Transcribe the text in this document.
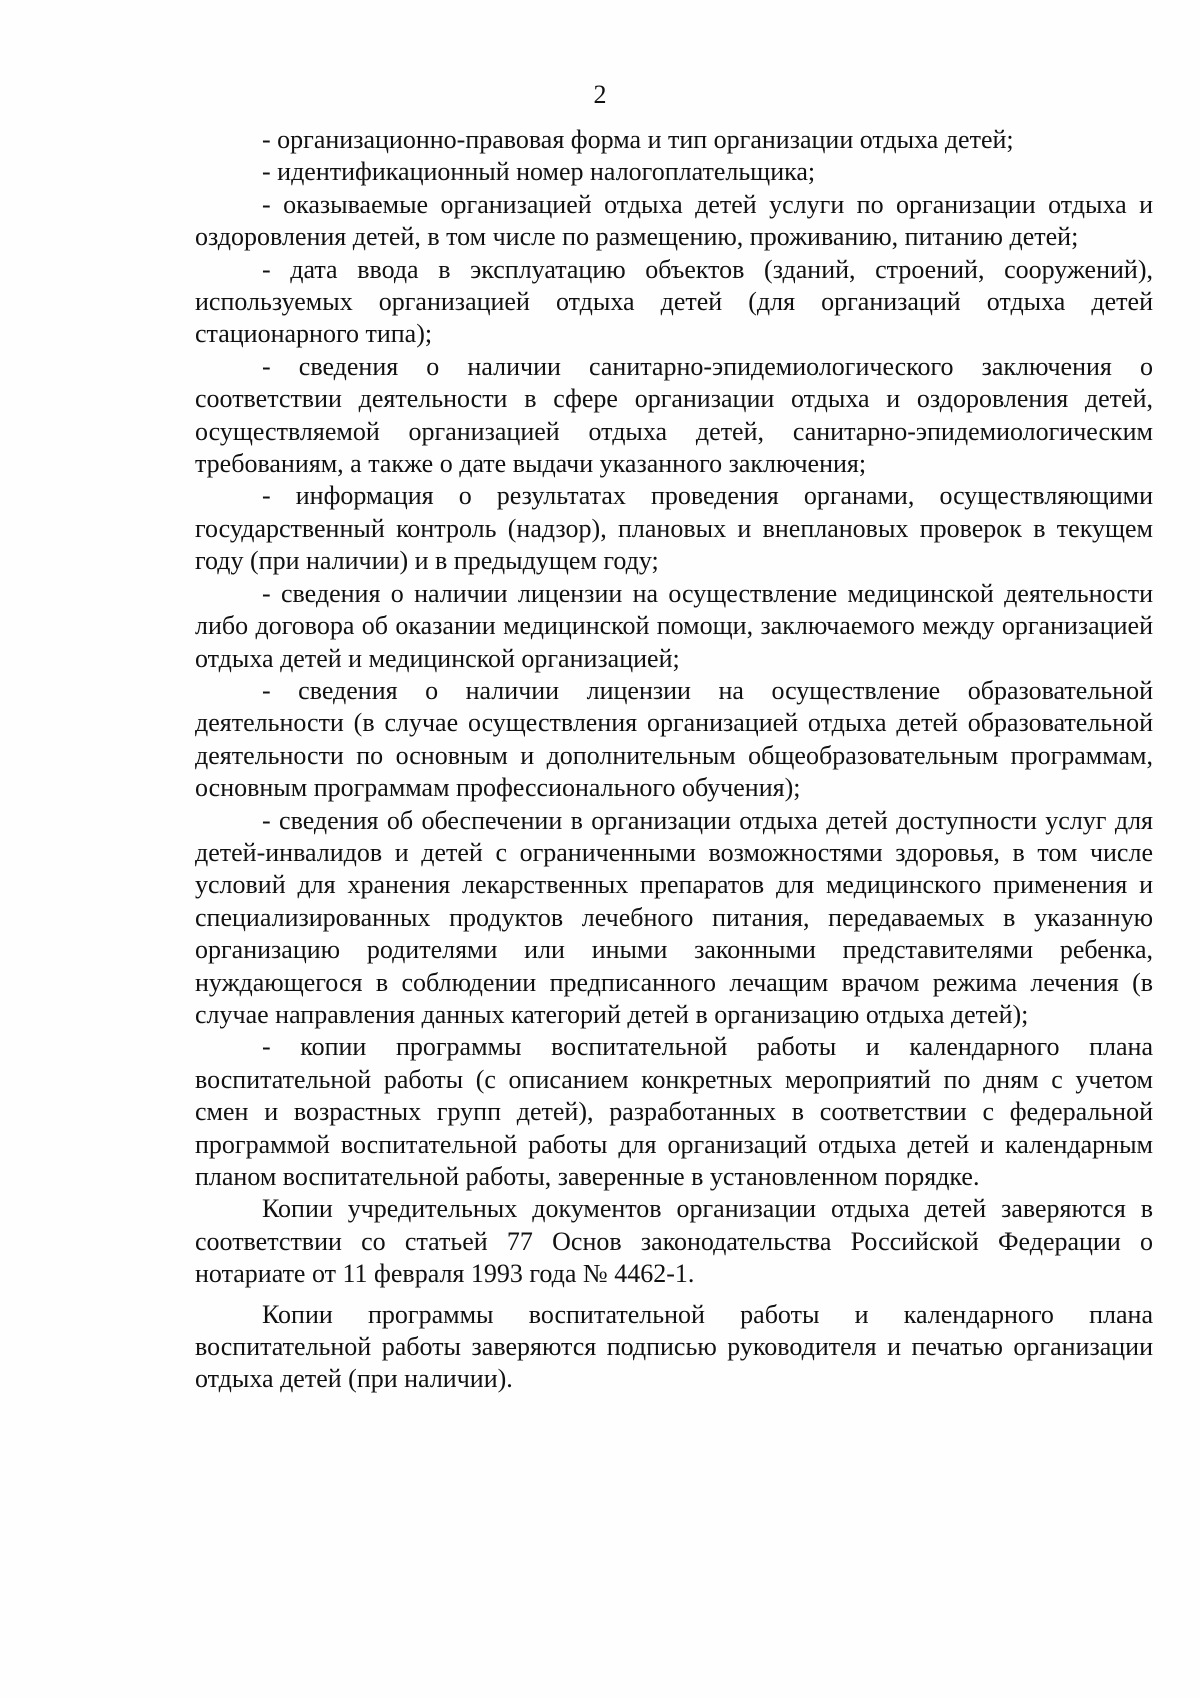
2

- организационно-правовая форма и тип организации отдыха детей;

- идентификационный номер налогоплательщика;

- оказываемые организацией отдыха детей услуги по организации отдыха и оздоровления детей, в том числе по размещению, проживанию, питанию детей;

- дата ввода в эксплуатацию объектов (зданий, строений, сооружений), используемых организацией отдыха детей (для организаций отдыха детей стационарного типа);

- сведения о наличии санитарно-эпидемиологического заключения о соответствии деятельности в сфере организации отдыха и оздоровления детей, осуществляемой организацией отдыха детей, санитарно-эпидемиологическим требованиям, а также о дате выдачи указанного заключения;

- информация о результатах проведения органами, осуществляющими государственный контроль (надзор), плановых и внеплановых проверок в текущем году (при наличии) и в предыдущем году;

- сведения о наличии лицензии на осуществление медицинской деятельности либо договора об оказании медицинской помощи, заключаемого между организацией отдыха детей и медицинской организацией;

- сведения о наличии лицензии на осуществление образовательной деятельности (в случае осуществления организацией отдыха детей образовательной деятельности по основным и дополнительным общеобразовательным программам, основным программам профессионального обучения);

- сведения об обеспечении в организации отдыха детей доступности услуг для детей-инвалидов и детей с ограниченными возможностями здоровья, в том числе условий для хранения лекарственных препаратов для медицинского применения и специализированных продуктов лечебного питания, передаваемых в указанную организацию родителями или иными законными представителями ребенка, нуждающегося в соблюдении предписанного лечащим врачом режима лечения (в случае направления данных категорий детей в организацию отдыха детей);

- копии программы воспитательной работы и календарного плана воспитательной работы (с описанием конкретных мероприятий по дням с учетом смен и возрастных групп детей), разработанных в соответствии с федеральной программой воспитательной работы для организаций отдыха детей и календарным планом воспитательной работы, заверенные в установленном порядке.

Копии учредительных документов организации отдыха детей заверяются в соответствии со статьей 77 Основ законодательства Российской Федерации о нотариате от 11 февраля 1993 года № 4462-1.

Копии программы воспитательной работы и календарного плана воспитательной работы заверяются подписью руководителя и печатью организации отдыха детей (при наличии).
